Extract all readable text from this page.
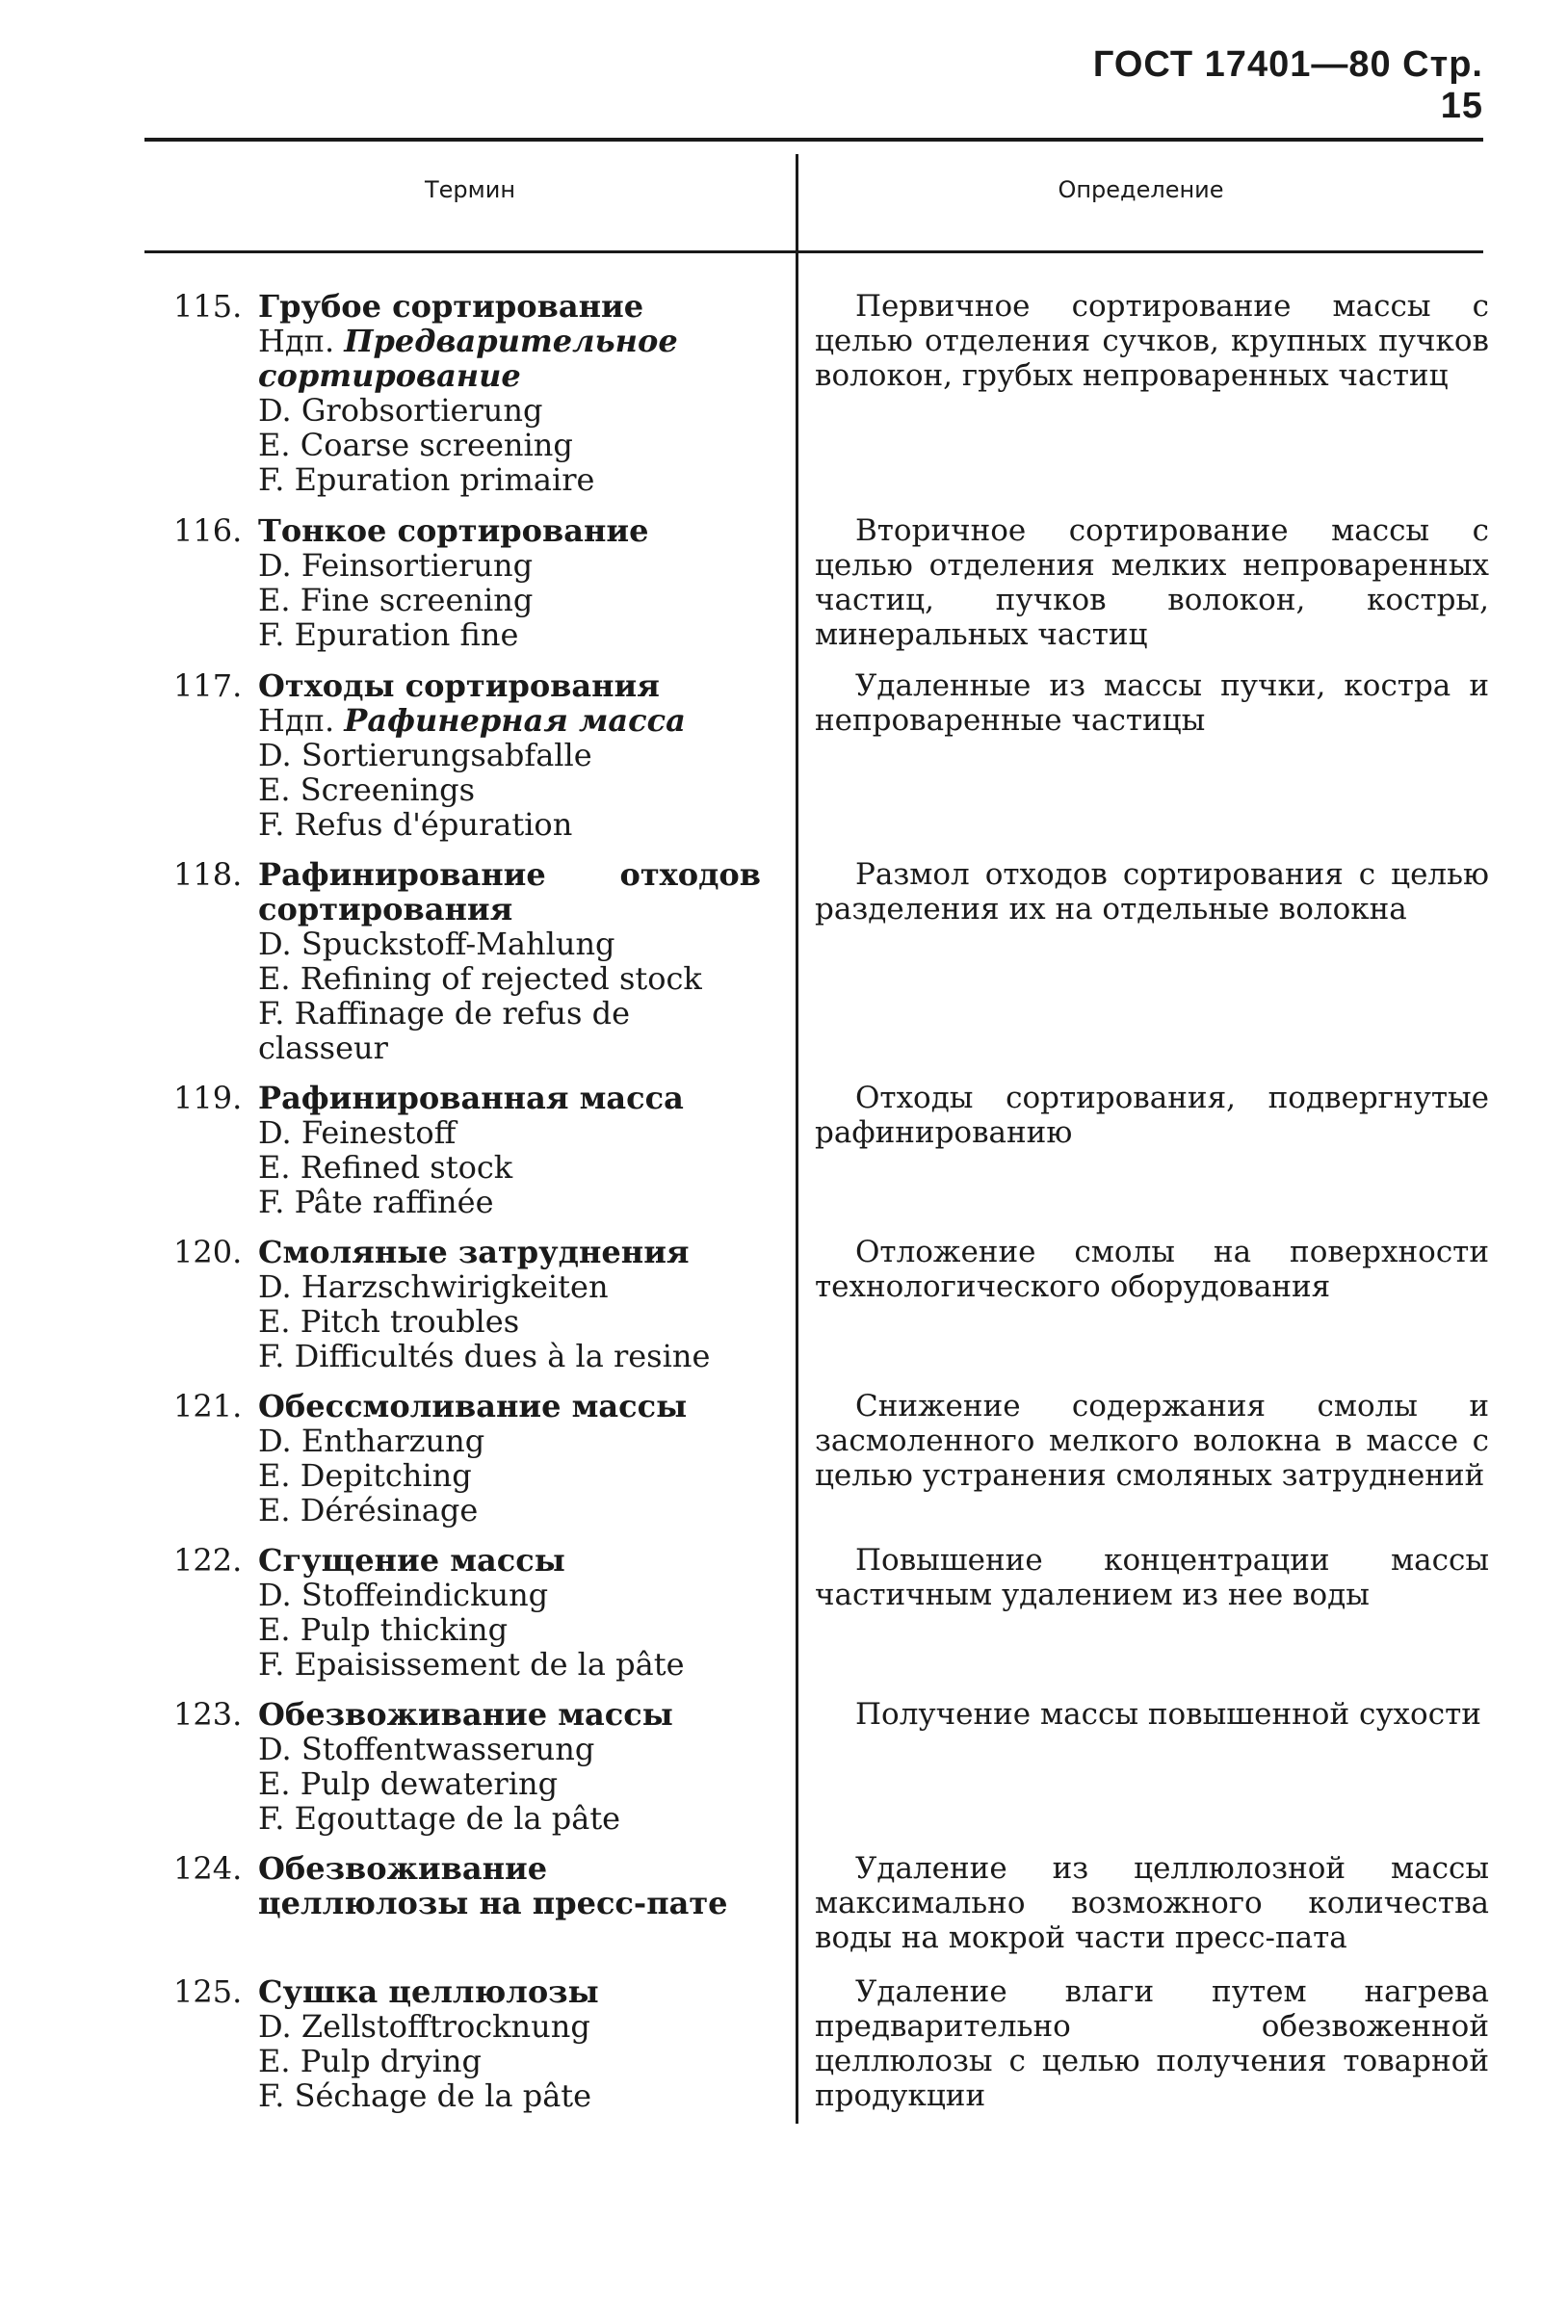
ГОСТ 17401—80 Стр. 15
Термин	Определение
115. Грубое сортирование
Ндп. Предварительное сортирование
D. Grobsortierung
E. Coarse screening
F. Epuration primaire
Первичное сортирование массы с целью отделения сучков, крупных пучков волокон, грубых непроваренных частиц
116. Тонкое сортирование
D. Feinsortierung
E. Fine screening
F. Epuration fine
Вторичное сортирование массы с целью отделения мелких непроваренных частиц, пучков волокон, костры, минеральных частиц
117. Отходы сортирования
Ндп. Рафинерная масса
D. Sortierungsabfalle
E. Screenings
F. Refus d'épuration
Удаленные из массы пучки, костра и непроваренные частицы
118. Рафинирование отходов сортирования
D. Spuckstoff-Mahlung
E. Refining of rejected stock
F. Raffinage de refus de classeur
Размол отходов сортирования с целью разделения их на отдельные волокна
119. Рафинированная масса
D. Feinestoff
E. Refined stock
F. Pâte raffinée
Отходы сортирования, подвергнутые рафинированию
120. Смоляные затруднения
D. Harzschwirigkeiten
E. Pitch troubles
F. Difficultés dues à la resine
Отложение смолы на поверхности технологического оборудования
121. Обессмоливание массы
D. Entharzung
E. Depitching
E. Dérésinage
Снижение содержания смолы и засмоленного мелкого волокна в массе с целью устранения смоляных затруднений
122. Сгущение массы
D. Stoffeindickung
E. Pulp thicking
F. Epaisissement de la pâte
Повышение концентрации массы частичным удалением из нее воды
123. Обезвоживание массы
D. Stoffentwasserung
E. Pulp dewatering
F. Egouttage de la pâte
Получение массы повышенной сухости
124. Обезвоживание целлюлозы на пресс-пате
Удаление из целлюлозной массы максимально возможного количества воды на мокрой части пресс-пата
125. Сушка целлюлозы
D. Zellstofftrocknung
E. Pulp drying
F. Séchage de la pâte
Удаление влаги путем нагрева предварительно обезвоженной целлюлозы с целью получения товарной продукции
